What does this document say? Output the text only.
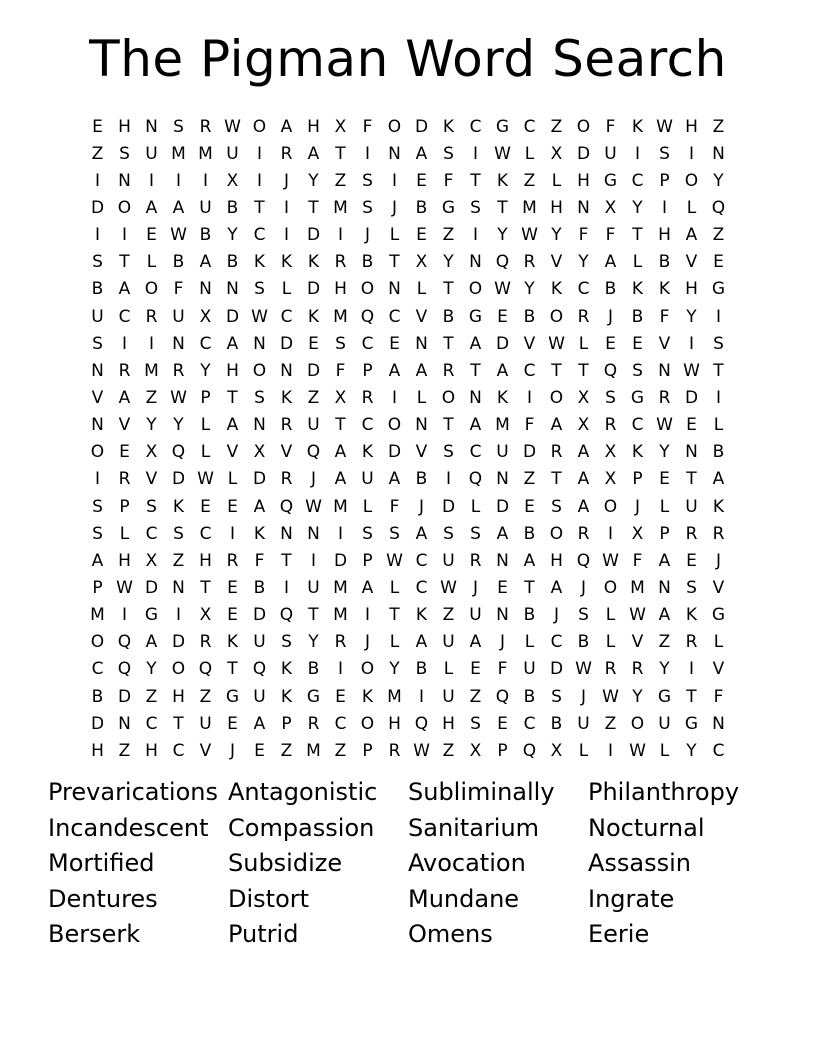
The Pigman Word Search
E H N S R W O A H X F O D K C G C Z O F K W H Z
Z S U M M U	I	R A T	I	N A S	I W L X D U	I	S	I	N
I	N	I	I	I	X	I	J	Y Z S	I	E F T K Z L H G C P O Y
D O A A U B T	I	T M S	J	B G S T M H N X Y	I	L Q
I	I	E W B Y C	I	D	I	J	L E Z	I	Y W Y F	F T H A Z
S T	L B A B K K K R B T X Y N Q R V Y A L B V E
B A O F N N S L D H O N L	T O W Y K C B K K H G
U C R U X D W C K M Q C V B G E B O R	J	B F Y	I
S	I	I	N C A N D E S C E N T A D V W L E E V	I	S
N R M R Y H O N D F P A A R T A C T T Q S N W T
V A Z W P T S K Z X R	I	L O N K	I	O X S G R D	I
N V Y Y	L A N R U T C O N T A M F A X R C W E L
O E X Q L V X V Q A K D V S C U D R A X K Y N B
I	R V D W L D R	J	A U A B	I	Q N Z T A X P E T A
S P S K E E A Q W M L	F	J	D L D E S A O	J	L U K
S L C S C	I	K N N	I	S S A S S A B O R	I	X P R R
A H X Z H R F T	I	D P W C U R N A H Q W F A E	J
P W D N T E B	I	U M A L C W J	E T A	J	O M N S V
M	I	G	I	X E D Q T M	I	T K Z U N B	J	S L W A K G
O Q A D R K U S Y R	J	L A U A	J	L C B L V Z R L
C Q Y O Q T Q K B	I	O Y B L E F U D W R R Y	I	V
B D Z H Z G U K G E K M	I	U Z Q B S	J W Y G T F
D N C T U E A P R C O H Q H S E C B U Z O U G N
H Z H C V	J	E Z M Z P R W Z X P Q X L	I W L	Y C
Prevarications Antagonistic	Subliminally	Philanthropy
Incandescent Compassion	Sanitarium	Nocturnal
Mortified	Subsidize	Avocation	Assassin
Dentures	Distort	Mundane	Ingrate
Berserk	Putrid	Omens	Eerie
